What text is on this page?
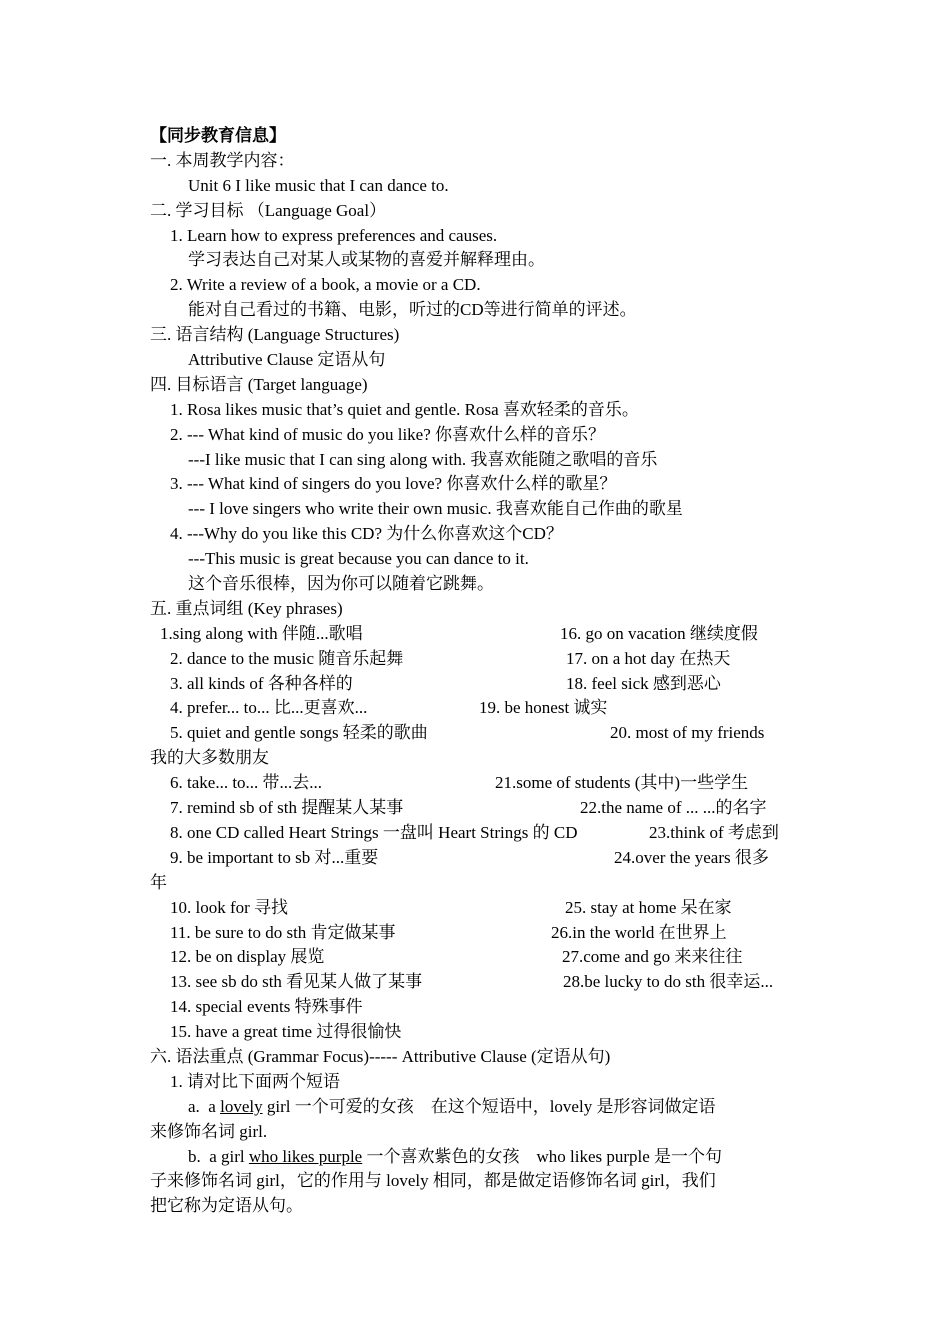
【同步教育信息】
一. 本周教学内容：
Unit 6 I like music that I can dance to.
二. 学习目标 （Language Goal）
1. Learn how to express preferences and causes.
学习表达自己对某人或某物的喜爱并解释理由。
2. Write a review of a book, a movie or a CD.
能对自己看过的书籍、电影，听过的CD等进行简单的评述。
三. 语言结构 (Language Structures)
Attributive Clause 定语从句
四. 目标语言 (Target language)
1. Rosa likes music that’s quiet and gentle. Rosa 喜欢轻柔的音乐。
2. --- What kind of music do you like? 你喜欢什么样的音乐？
---I like music that I can sing along with. 我喜欢能随之歌唱的音乐
3. --- What kind of singers do you love? 你喜欢什么样的歌星？
--- I love singers who write their own music. 我喜欢能自己作曲的歌星
4. ---Why do you like this CD? 为什么你喜欢这个CD？
---This music is great because you can dance to it.
这个音乐很棒，因为你可以随着它跳舞。
五. 重点词组 (Key phrases)
1.sing along with 伴随...歌唱	16. go on vacation 继续度假
2. dance to the music 随音乐起舞	17. on a hot day 在热天
3. all kinds of 各种各样的	18. feel sick 感到恶心
4. prefer... to... 比...更喜欢...	19. be honest 诚实
5. quiet and gentle songs 轻柔的歌曲	20. most of my friends
我的大多数朋友
6. take... to... 带...去...	21.some of students (其中)一些学生
7. remind sb of sth 提醒某人某事	22.the name of ... ...的名字
8. one CD called Heart Strings 一盘叫 Heart Strings 的 CD	23.think of 考虑到
9. be important to sb 对...重要	24.over the years 很多
年
10. look for 寻找	25. stay at home 呆在家
11. be sure to do sth 肯定做某事	26.in the world 在世界上
12. be on display 展览	27.come and go 来来往往
13. see sb do sth 看见某人做了某事	28.be lucky to do sth 很幸运...
14. special events 特殊事件
15. have a great time 过得很愉快
六. 语法重点 (Grammar Focus)----- Attributive Clause (定语从句)
1. 请对比下面两个短语
a.  a lovely girl 一个可爱的女孩    在这个短语中，lovely 是形容词做定语
来修饰名词 girl.
b.  a girl who likes purple 一个喜欢紫色的女孩    who likes purple 是一个句
子来修饰名词 girl，它的作用与 lovely 相同，都是做定语修饰名词 girl，我们
把它称为定语从句。
